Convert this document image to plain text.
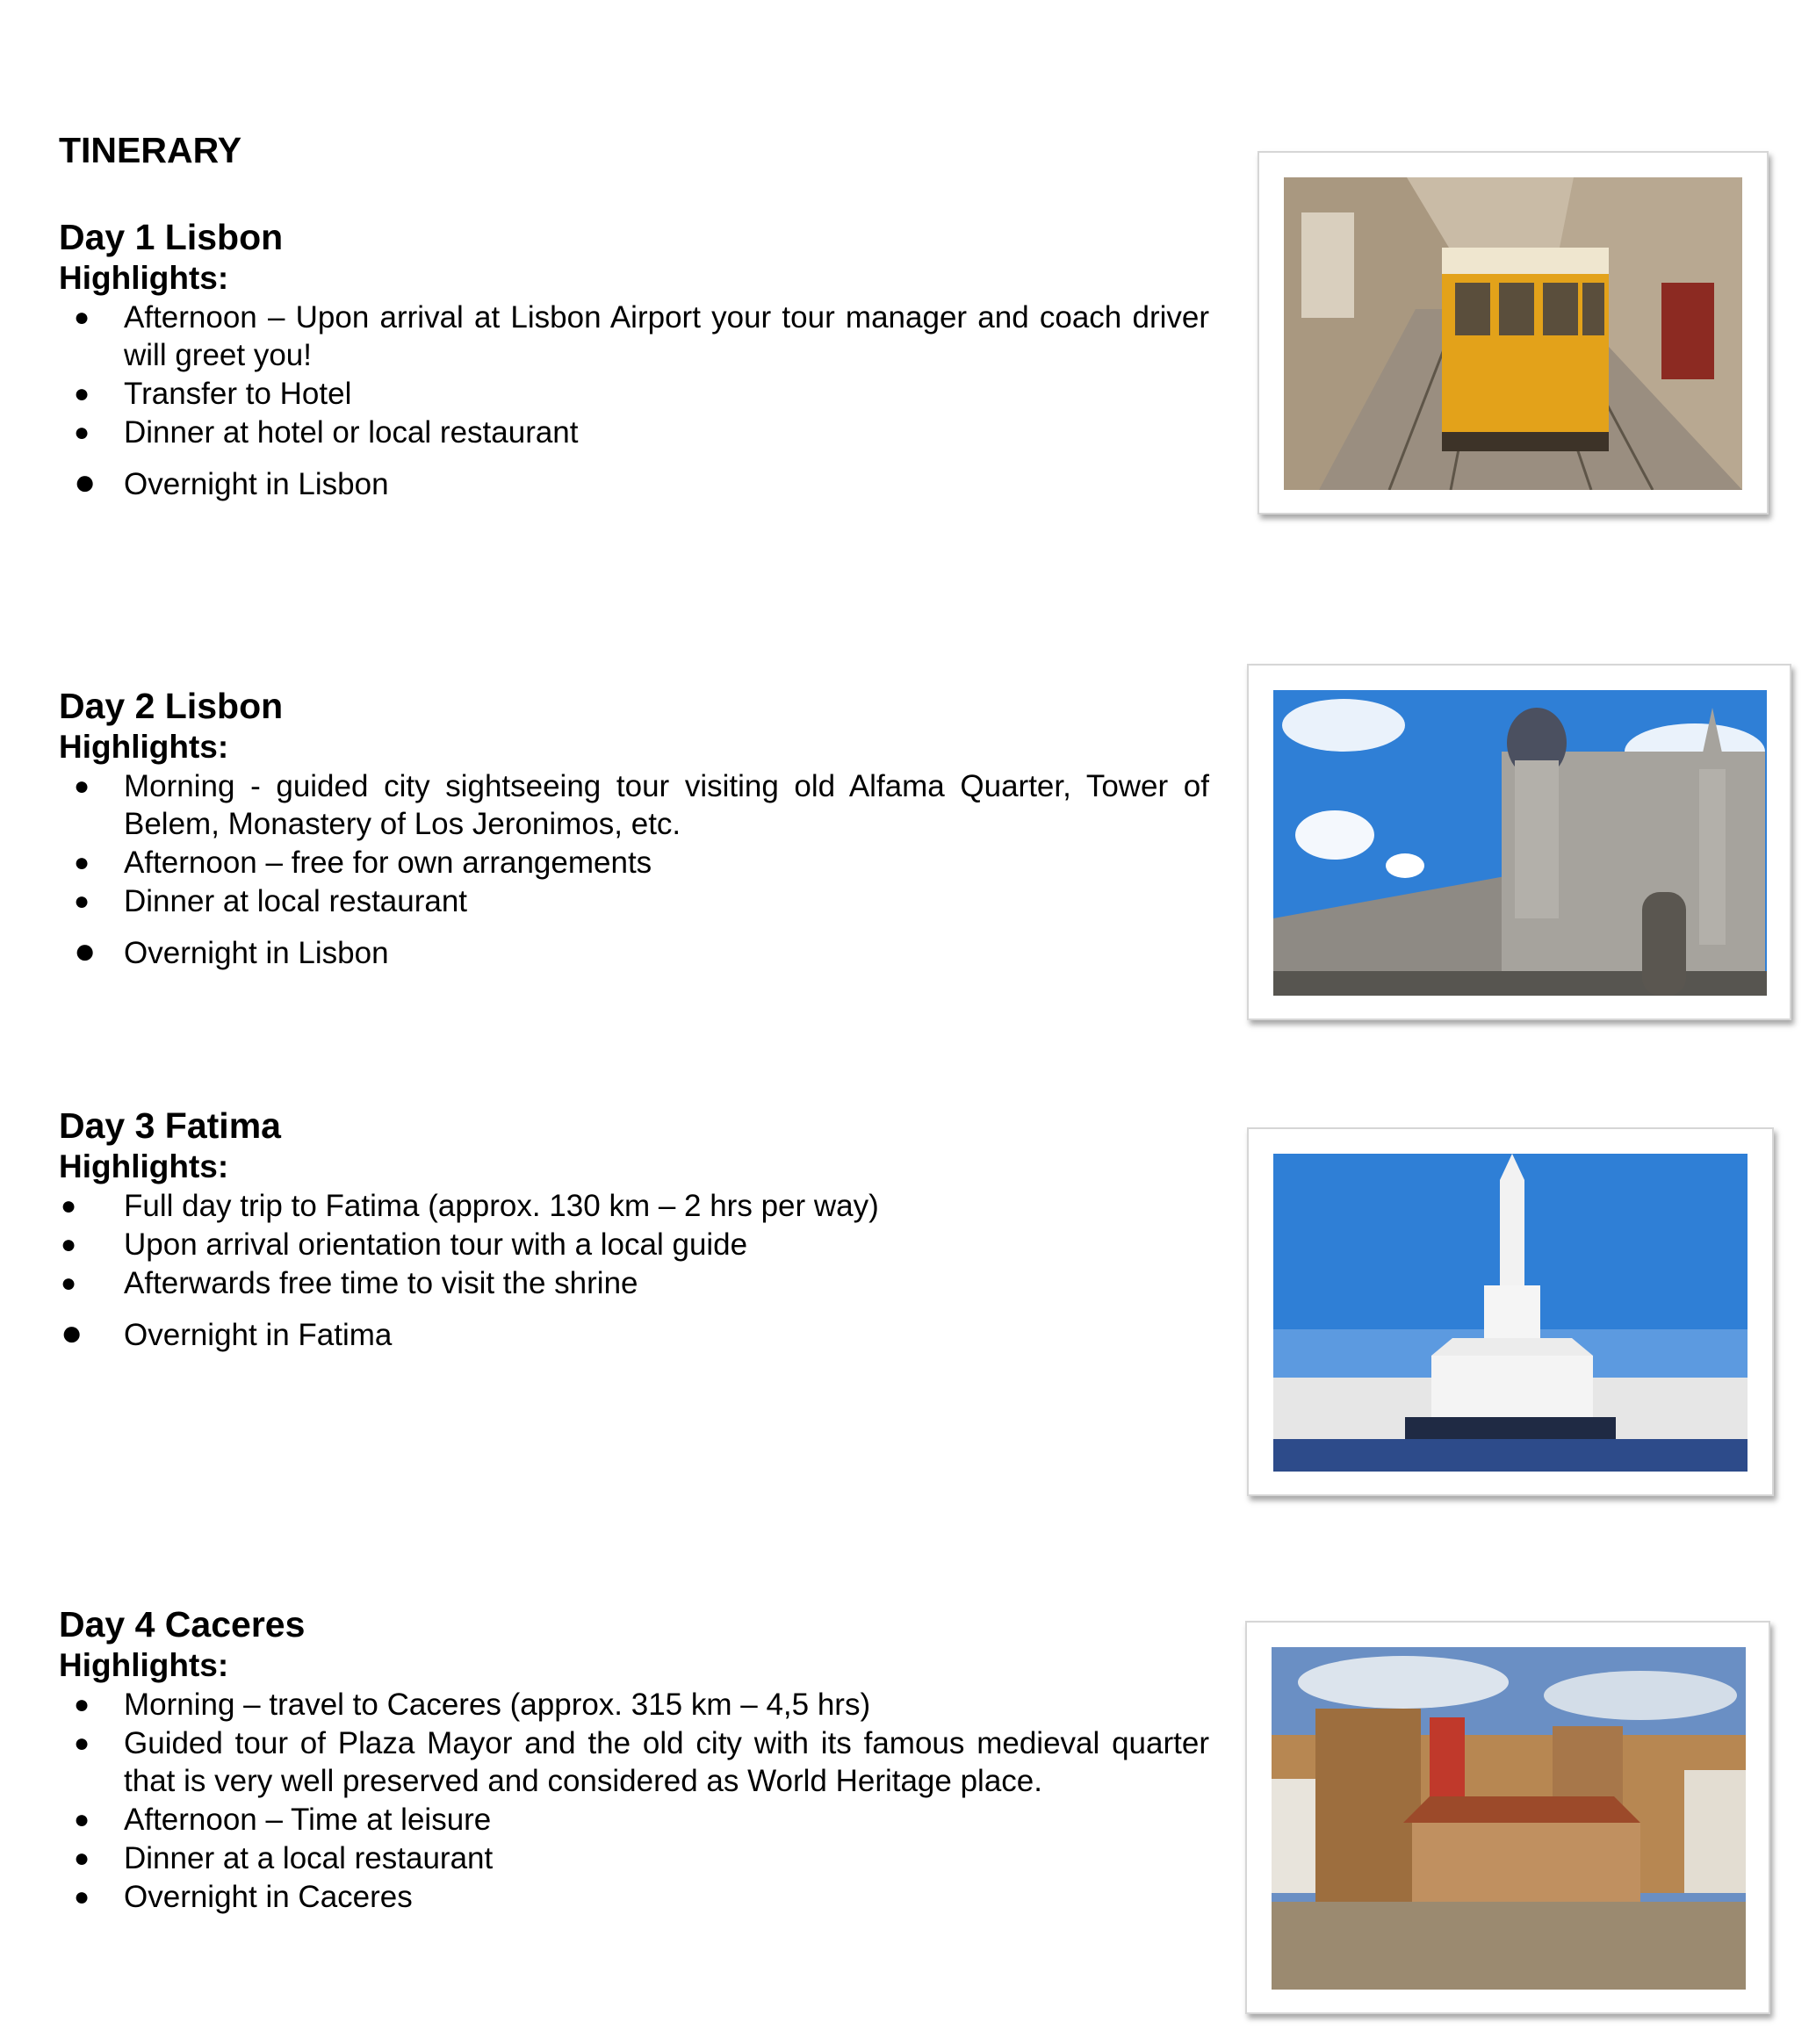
TINERARY
Day 1 Lisbon

Highlights:

● Afternoon – Upon arrival at Lisbon Airport your tour manager and coach driver will greet you!
● Transfer to Hotel
● Dinner at hotel or local restaurant
● Overnight in Lisbon
Day 2 Lisbon

Highlights:

● Morning - guided city sightseeing tour visiting old Alfama Quarter, Tower of Belem, Monastery of Los Jeronimos, etc.
● Afternoon – free for own arrangements
● Dinner at local restaurant
● Overnight in Lisbon
Day 3 Fatima

Highlights:

● Full day trip to Fatima (approx. 130 km – 2 hrs per way)
● Upon arrival orientation tour with a local guide
● Afterwards free time to visit the shrine
● Overnight in Fatima
Day 4 Caceres

Highlights:

● Morning – travel to Caceres (approx. 315 km – 4,5 hrs)
● Guided tour of Plaza Mayor and the old city with its famous medieval quarter that is very well preserved and considered as World Heritage place.
● Afternoon – Time at leisure
● Dinner at a local restaurant
● Overnight in Caceres
